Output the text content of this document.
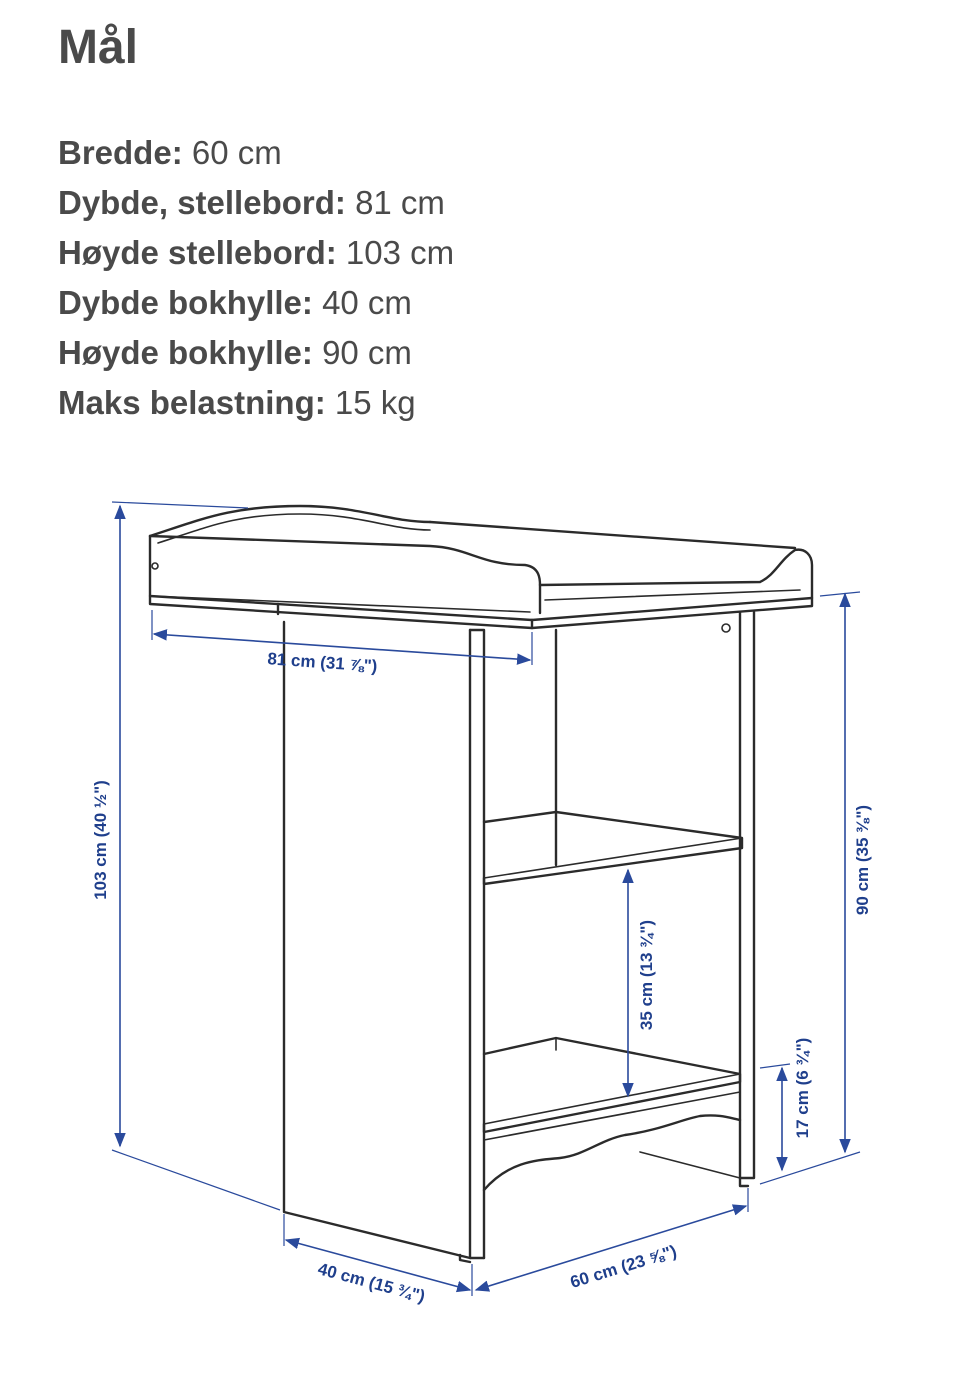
Mål
Bredde: 60 cm
Dybde, stellebord: 81 cm
Høyde stellebord: 103 cm
Dybde bokhylle: 40 cm
Høyde bokhylle: 90 cm
Maks belastning: 15 kg
103 cm (40 ½")
81 cm (31 ⅞")
90 cm (35 ⅜")
35 cm (13 ¾")
17 cm (6 ¾")
40 cm (15 ¾")	60 cm (23 ⅝")
